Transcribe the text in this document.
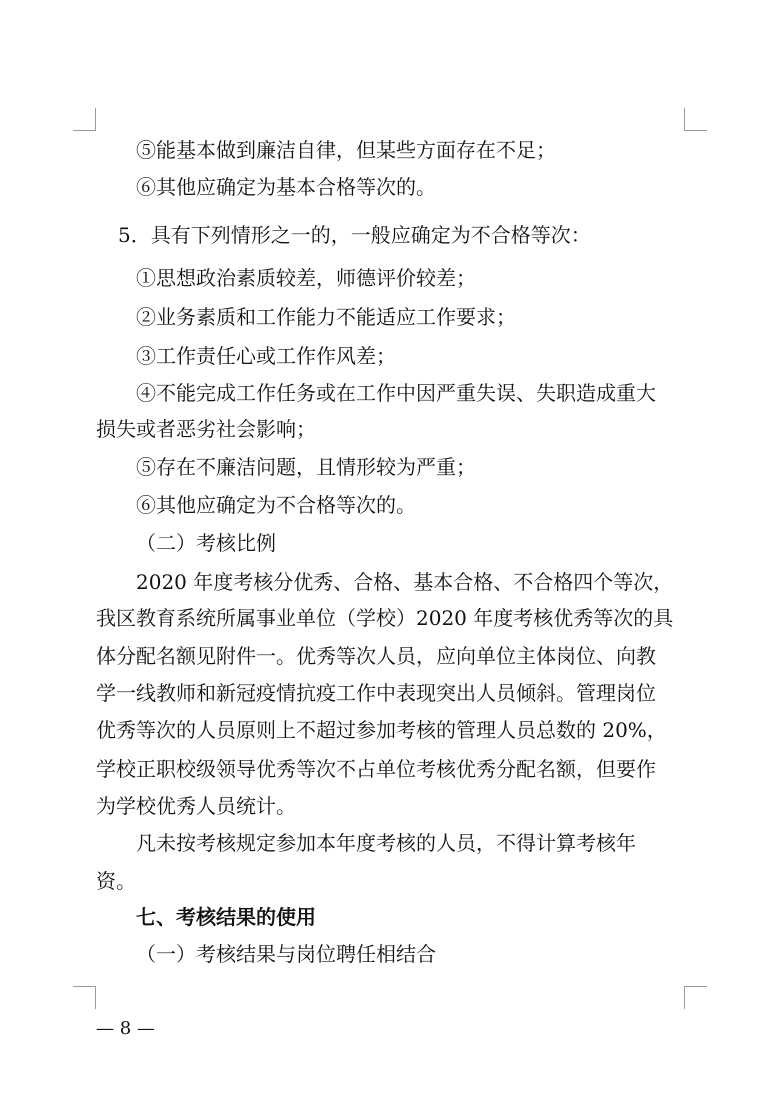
⑤能基本做到廉洁自律，但某些方面存在不足；
⑥其他应确定为基本合格等次的。
5．具有下列情形之一的，一般应确定为不合格等次：
①思想政治素质较差，师德评价较差；
②业务素质和工作能力不能适应工作要求；
③工作责任心或工作作风差；
④不能完成工作任务或在工作中因严重失误、失职造成重大
损失或者恶劣社会影响；
⑤存在不廉洁问题，且情形较为严重；
⑥其他应确定为不合格等次的。
（二）考核比例
2020 年度考核分优秀、合格、基本合格、不合格四个等次，
我区教育系统所属事业单位（学校）2020 年度考核优秀等次的具
体分配名额见附件一。优秀等次人员，应向单位主体岗位、向教
学一线教师和新冠疫情抗疫工作中表现突出人员倾斜。管理岗位
优秀等次的人员原则上不超过参加考核的管理人员总数的 20%，
学校正职校级领导优秀等次不占单位考核优秀分配名额，但要作
为学校优秀人员统计。
凡未按考核规定参加本年度考核的人员，不得计算考核年
资。
七、考核结果的使用
（一）考核结果与岗位聘任相结合
— 8 —
